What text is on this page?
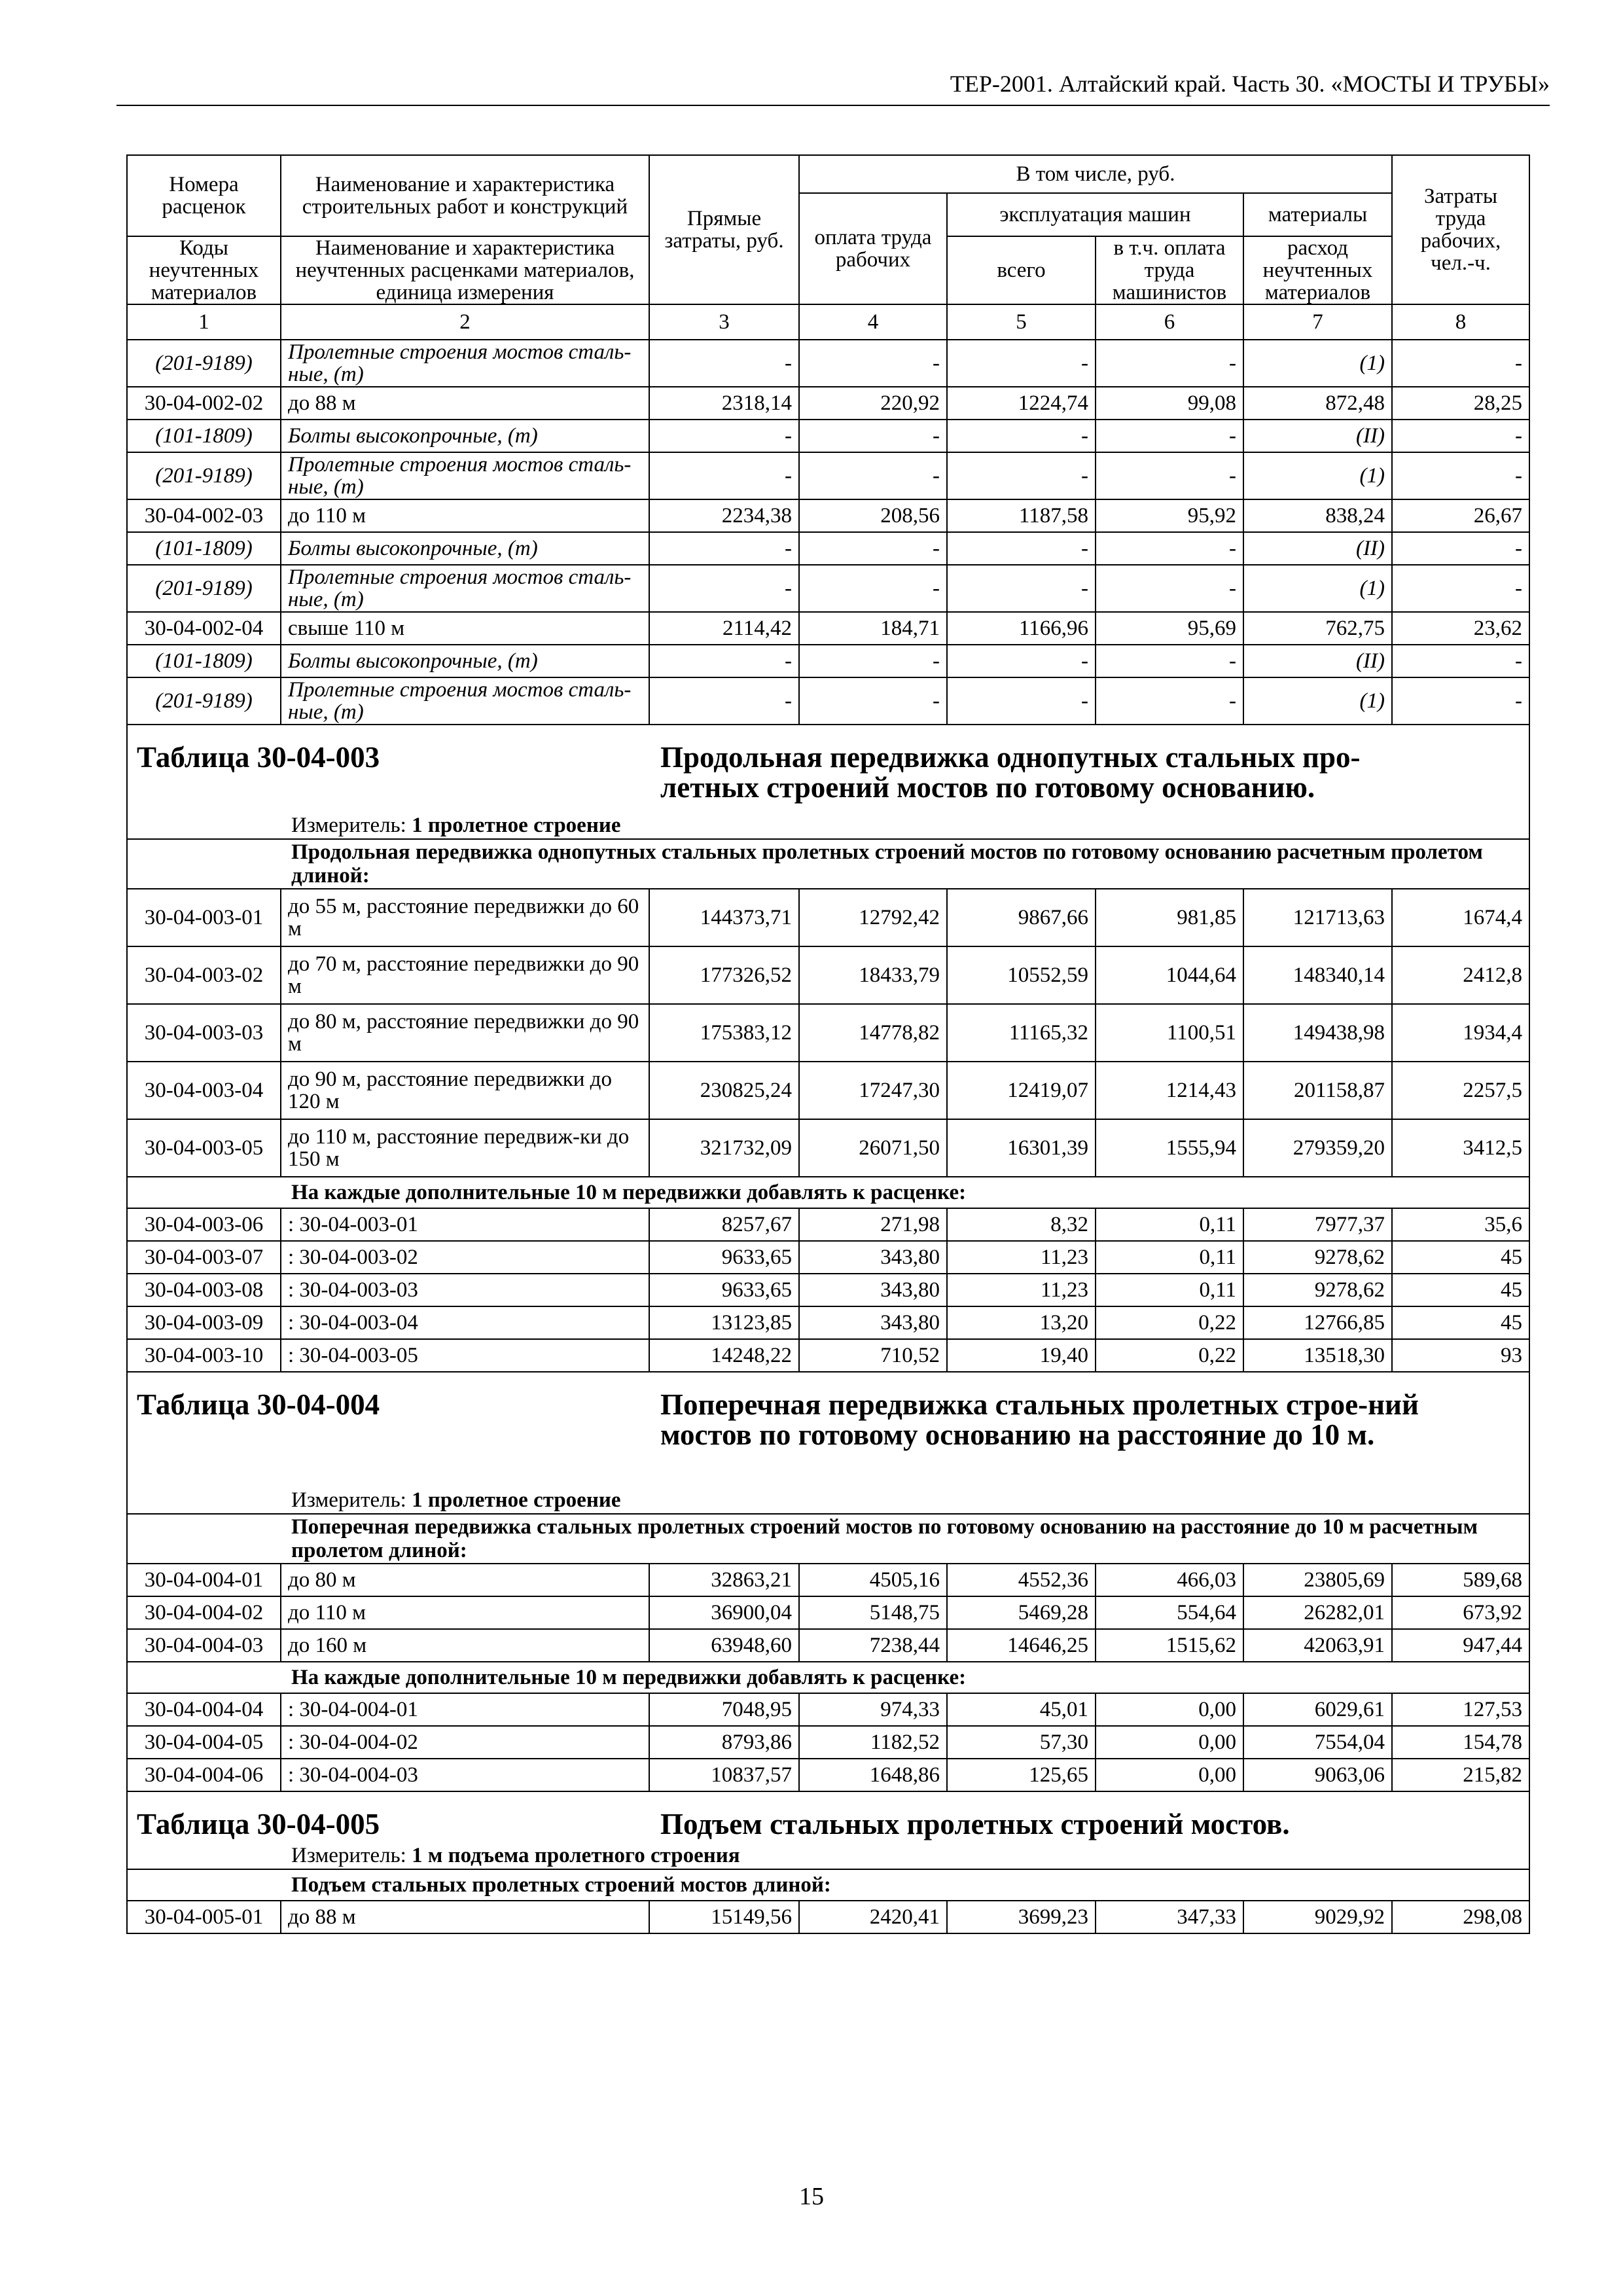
ТЕР-2001. Алтайский край. Часть 30. «МОСТЫ И ТРУБЫ»
Номера расценок	Наименование и характеристика строительных работ и конструкций	Прямые затраты, руб.	В том числе, руб.				Затраты труда рабочих, чел.-ч.
			оплата труда рабочих	эксплуатация машин		материалы	
Коды неучтенных материалов	Наименование и характеристика неучтенных расценками материалов, единица измерения			всего	в т.ч. оплата труда машинистов	расход неучтенных материалов	
1	2	3	4	5	6	7	8
(201-9189)	Пролетные строения мостов сталь-ные, (т)	-	-	-	-	(1)	-
30-04-002-02	до 88 м	2318,14	220,92	1224,74	99,08	872,48	28,25
(101-1809)	Болты высокопрочные, (т)	-	-	-	-	(II)	-
(201-9189)	Пролетные строения мостов сталь-ные, (т)	-	-	-	-	(1)	-
30-04-002-03	до 110 м	2234,38	208,56	1187,58	95,92	838,24	26,67
(101-1809)	Болты высокопрочные, (т)	-	-	-	-	(II)	-
(201-9189)	Пролетные строения мостов сталь-ные, (т)	-	-	-	-	(1)	-
30-04-002-04	свыше 110 м	2114,42	184,71	1166,96	95,69	762,75	23,62
(101-1809)	Болты высокопрочные, (т)	-	-	-	-	(II)	-
(201-9189)	Пролетные строения мостов сталь-ные, (т)	-	-	-	-	(1)	-

Таблица 30-04-003 Продольная передвижка однопутных стальных про-летных строений мостов по готовому основанию.							

Измеритель: 1 пролетное строение							

Продольная передвижка однопутных стальных пролетных строений мостов по готовому основанию расчетным пролетом длиной:							
30-04-003-01	до 55 м, расстояние передвижки до 60 м	144373,71	12792,42	9867,66	981,85	121713,63	1674,4
30-04-003-02	до 70 м, расстояние передвижки до 90 м	177326,52	18433,79	10552,59	1044,64	148340,14	2412,8
30-04-003-03	до 80 м, расстояние передвижки до 90 м	175383,12	14778,82	11165,32	1100,51	149438,98	1934,4
30-04-003-04	до 90 м, расстояние передвижки до 120 м	230825,24	17247,30	12419,07	1214,43	201158,87	2257,5
30-04-003-05	до 110 м, расстояние передвиж-ки до 150 м	321732,09	26071,50	16301,39	1555,94	279359,20	3412,5
На каждые дополнительные 10 м передвижки добавлять к расценке:							
30-04-003-06	: 30-04-003-01	8257,67	271,98	8,32	0,11	7977,37	35,6
30-04-003-07	: 30-04-003-02	9633,65	343,80	11,23	0,11	9278,62	45
30-04-003-08	: 30-04-003-03	9633,65	343,80	11,23	0,11	9278,62	45
30-04-003-09	: 30-04-003-04	13123,85	343,80	13,20	0,22	12766,85	45
30-04-003-10	: 30-04-003-05	14248,22	710,52	19,40	0,22	13518,30	93

Таблица 30-04-004 Поперечная передвижка стальных пролетных строе-ний мостов по готовому основанию на расстояние до 10 м.							

Измеритель: 1 пролетное строение							

Поперечная передвижка стальных пролетных строений мостов по готовому основанию на расстояние до 10 м расчетным пролетом длиной:							
30-04-004-01	до 80 м	32863,21	4505,16	4552,36	466,03	23805,69	589,68
30-04-004-02	до 110 м	36900,04	5148,75	5469,28	554,64	26282,01	673,92
30-04-004-03	до 160 м	63948,60	7238,44	14646,25	1515,62	42063,91	947,44
На каждые дополнительные 10 м передвижки добавлять к расценке:							
30-04-004-04	: 30-04-004-01	7048,95	974,33	45,01	0,00	6029,61	127,53
30-04-004-05	: 30-04-004-02	8793,86	1182,52	57,30	0,00	7554,04	154,78
30-04-004-06	: 30-04-004-03	10837,57	1648,86	125,65	0,00	9063,06	215,82

Таблица 30-04-005 Подъем стальных пролетных строений мостов.							

Измеритель: 1 м подъема пролетного строения							

Подъем стальных пролетных строений мостов длиной:							
30-04-005-01	до 88 м	15149,56	2420,41	3699,23	347,33	9029,92	298,08
15
